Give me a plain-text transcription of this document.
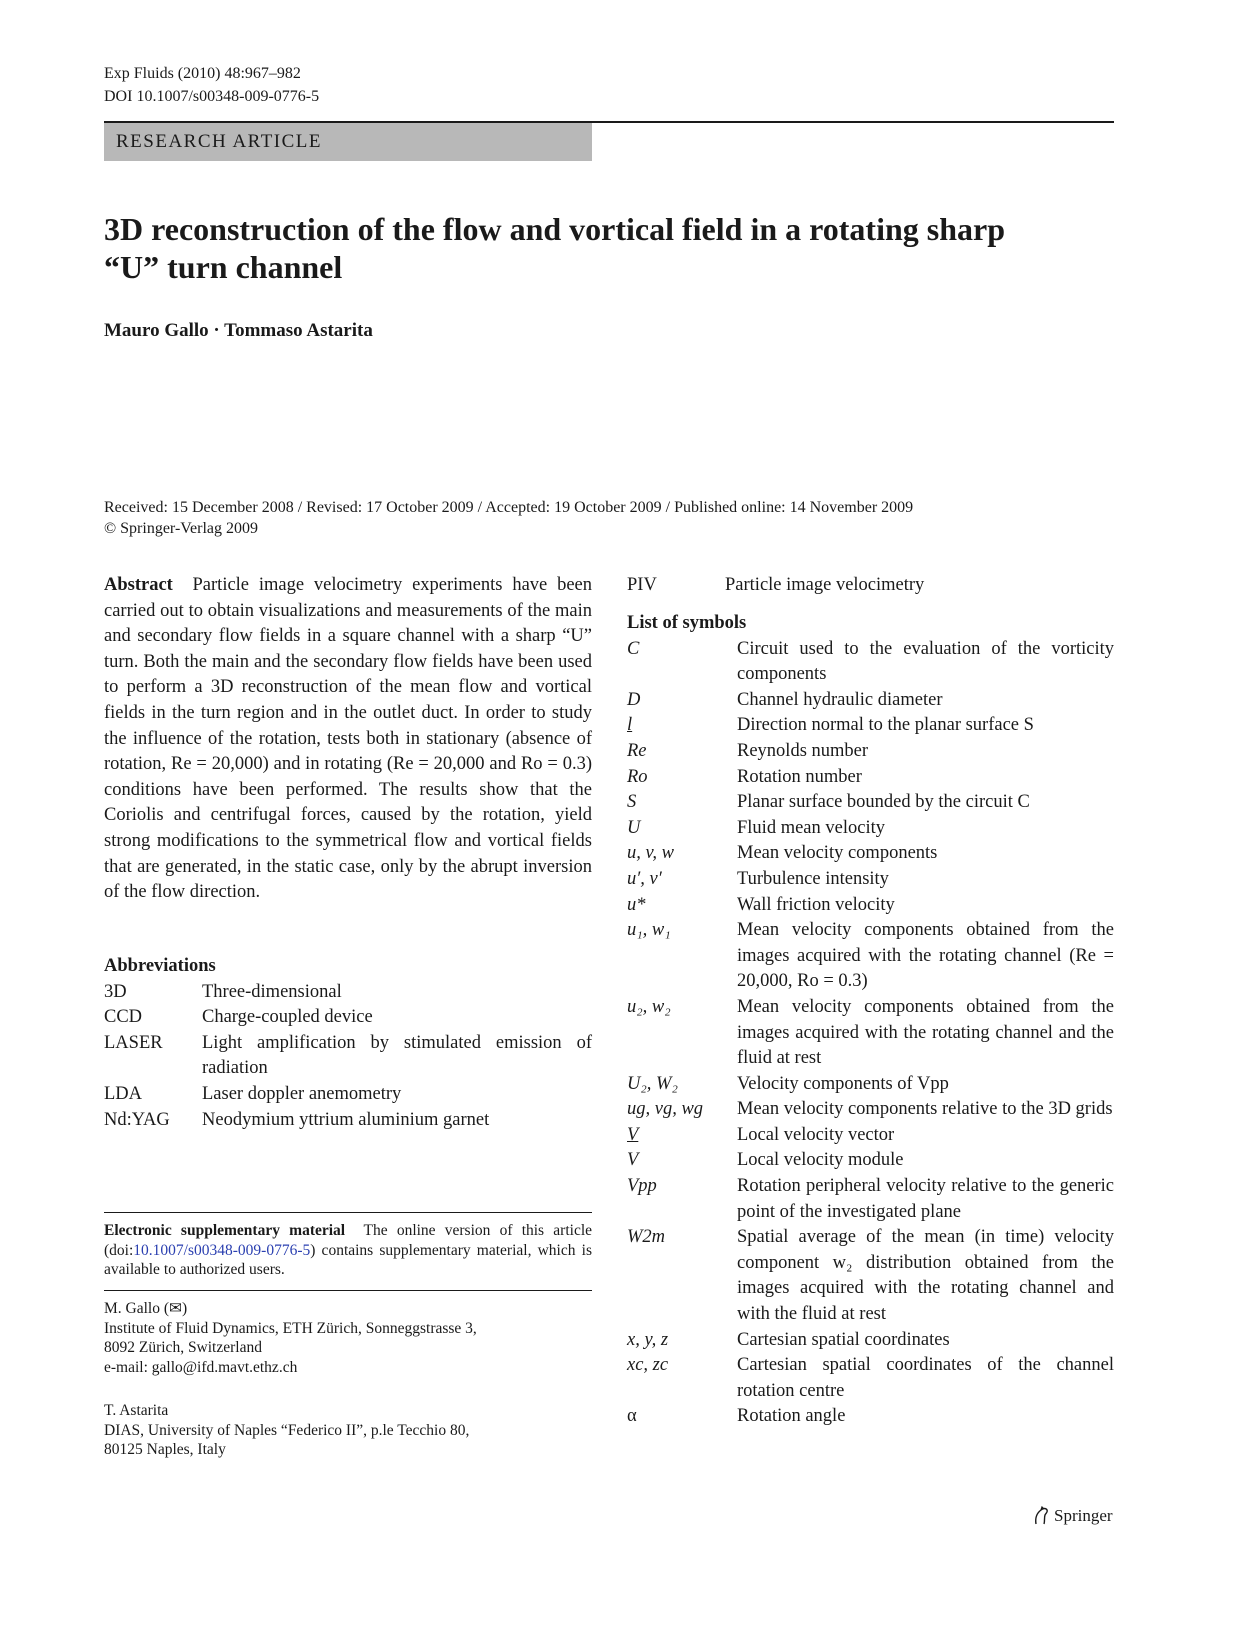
Exp Fluids (2010) 48:967–982
DOI 10.1007/s00348-009-0776-5
RESEARCH ARTICLE
3D reconstruction of the flow and vortical field in a rotating sharp
“U” turn channel
Mauro Gallo · Tommaso Astarita
Received: 15 December 2008 / Revised: 17 October 2009 / Accepted: 19 October 2009 / Published online: 14 November 2009
© Springer-Verlag 2009
Abstract Particle image velocimetry experiments have been carried out to obtain visualizations and measurements of the main and secondary flow fields in a square channel with a sharp “U” turn. Both the main and the secondary flow fields have been used to perform a 3D reconstruction of the mean flow and vortical fields in the turn region and in the outlet duct. In order to study the influence of the rotation, tests both in stationary (absence of rotation, Re = 20,000) and in rotating (Re = 20,000 and Ro = 0.3) conditions have been performed. The results show that the Coriolis and centrifugal forces, caused by the rotation, yield strong modifications to the symmetrical flow and vortical fields that are generated, in the static case, only by the abrupt inversion of the flow direction.
Abbreviations
3D	Three-dimensional
CCD	Charge-coupled device
LASER	Light amplification by stimulated emission of radiation
LDA	Laser doppler anemometry
Nd:YAG	Neodymium yttrium aluminium garnet
Electronic supplementary material The online version of this article (doi:10.1007/s00348-009-0776-5) contains supplementary material, which is available to authorized users.
M. Gallo (✉)
Institute of Fluid Dynamics, ETH Zürich, Sonneggstrasse 3,
8092 Zürich, Switzerland
e-mail: gallo@ifd.mavt.ethz.ch
T. Astarita
DIAS, University of Naples “Federico II”, p.le Tecchio 80,
80125 Naples, Italy
PIV	Particle image velocimetry
List of symbols
C	Circuit used to the evaluation of the vorticity components
D	Channel hydraulic diameter
l	Direction normal to the planar surface S
Re	Reynolds number
Ro	Rotation number
S	Planar surface bounded by the circuit C
U	Fluid mean velocity
u, v, w	Mean velocity components
u′, v′	Turbulence intensity
u*	Wall friction velocity
u₁, w₁	Mean velocity components obtained from the images acquired with the rotating channel (Re = 20,000, Ro = 0.3)
u₂, w₂	Mean velocity components obtained from the images acquired with the rotating channel and the fluid at rest
U₂, W₂	Velocity components of Vpp
ug, vg, wg	Mean velocity components relative to the 3D grids
V	Local velocity vector
V	Local velocity module
Vpp	Rotation peripheral velocity relative to the generic point of the investigated plane
W2m	Spatial average of the mean (in time) velocity component w₂ distribution obtained from the images acquired with the rotating channel and with the fluid at rest
x, y, z	Cartesian spatial coordinates
xc, zc	Cartesian spatial coordinates of the channel rotation centre
α	Rotation angle
Springer
